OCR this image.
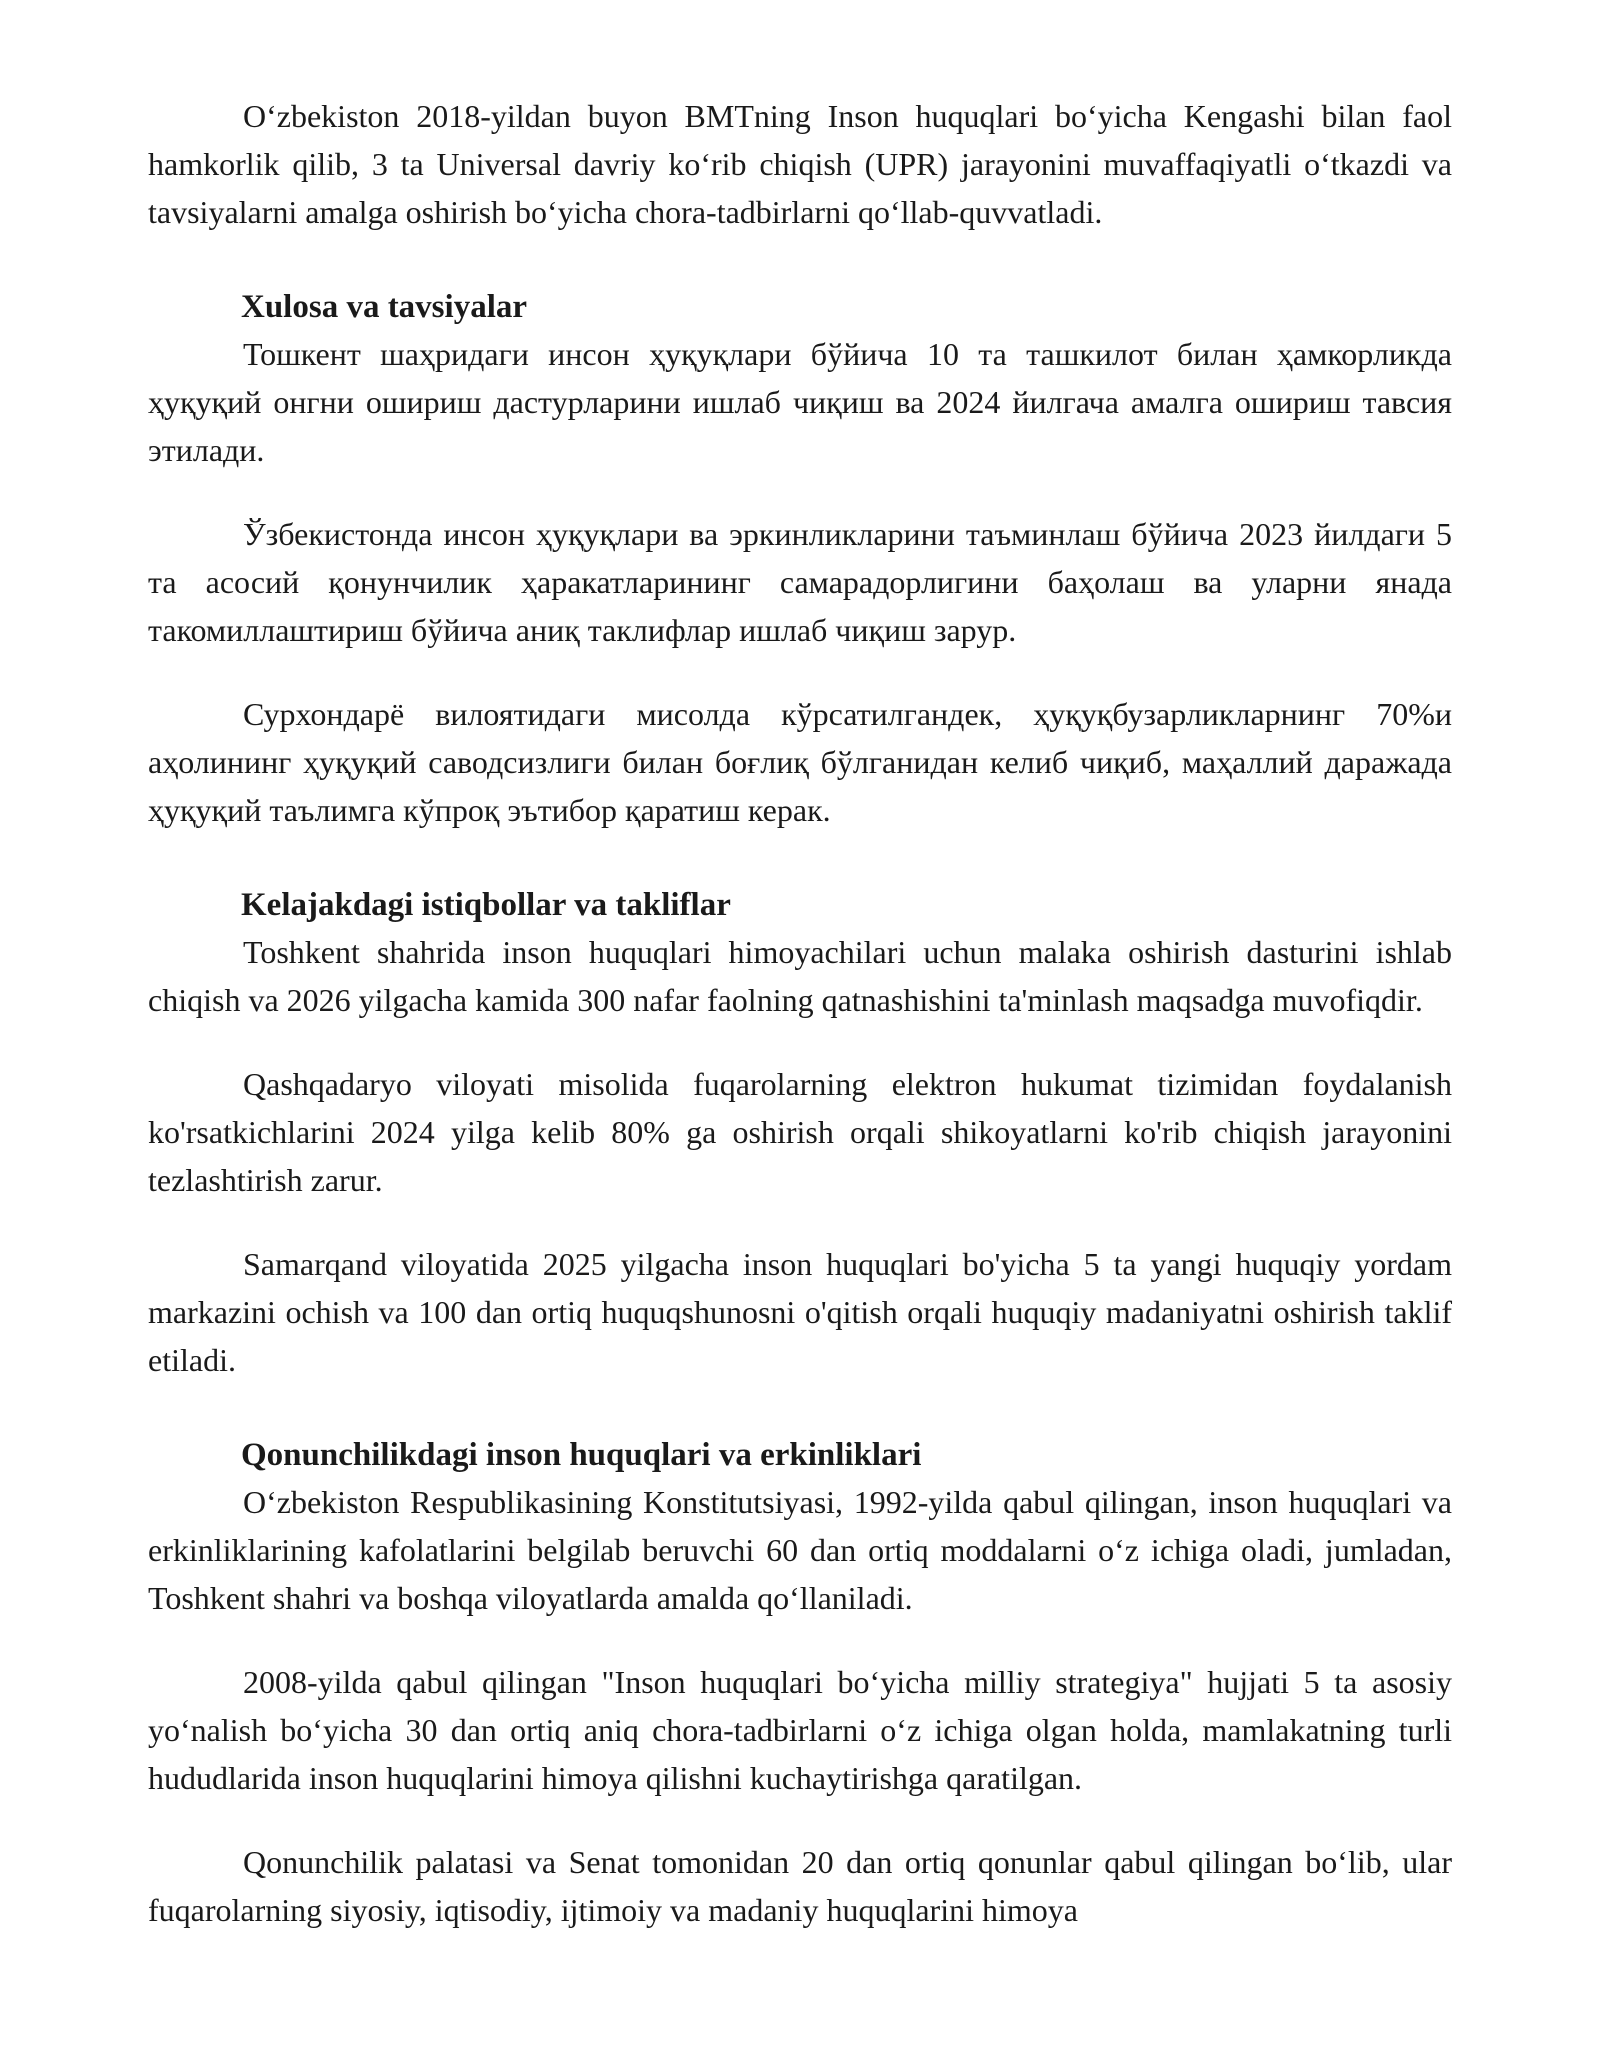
Oʻzbekiston 2018-yildan buyon BMTning Inson huquqlari boʻyicha Kengashi bilan faol hamkorlik qilib, 3 ta Universal davriy koʻrib chiqish (UPR) jarayonini muvaffaqiyatli oʻtkazdi va tavsiyalarni amalga oshirish boʻyicha chora-tadbirlarni qoʻllab-quvvatladi.

Xulosa va tavsiyalar

Тошкент шаҳридаги инсон ҳуқуқлари бўйича 10 та ташкилот билан ҳамкорликда ҳуқуқий онгни ошириш дастурларини ишлаб чиқиш ва 2024 йилгача амалга ошириш тавсия этилади.

Ўзбекистонда инсон ҳуқуқлари ва эркинликларини таъминлаш бўйича 2023 йилдаги 5 та асосий қонунчилик ҳаракатларининг самарадорлигини баҳолаш ва уларни янада такомиллаштириш бўйича аниқ таклифлар ишлаб чиқиш зарур.

Сурхондарё вилоятидаги мисолда кўрсатилгандек, ҳуқуқбузарликларнинг 70%и аҳолининг ҳуқуқий саводсизлиги билан боғлиқ бўлганидан келиб чиқиб, маҳаллий даражада ҳуқуқий таълимга кўпроқ эътибор қаратиш керак.

Kelajakdagi istiqbollar va takliflar

Toshkent shahrida inson huquqlari himoyachilari uchun malaka oshirish dasturini ishlab chiqish va 2026 yilgacha kamida 300 nafar faolning qatnashishini ta'minlash maqsadga muvofiqdir.

Qashqadaryo viloyati misolida fuqarolarning elektron hukumat tizimidan foydalanish ko'rsatkichlarini 2024 yilga kelib 80% ga oshirish orqali shikoyatlarni ko'rib chiqish jarayonini tezlashtirish zarur.

Samarqand viloyatida 2025 yilgacha inson huquqlari bo'yicha 5 ta yangi huquqiy yordam markazini ochish va 100 dan ortiq huquqshunosni o'qitish orqali huquqiy madaniyatni oshirish taklif etiladi.

Qonunchilikdagi inson huquqlari va erkinliklari

Oʻzbekiston Respublikasining Konstitutsiyasi, 1992-yilda qabul qilingan, inson huquqlari va erkinliklarining kafolatlarini belgilab beruvchi 60 dan ortiq moddalarni oʻz ichiga oladi, jumladan, Toshkent shahri va boshqa viloyatlarda amalda qoʻllaniladi.

2008-yilda qabul qilingan "Inson huquqlari boʻyicha milliy strategiya" hujjati 5 ta asosiy yoʻnalish boʻyicha 30 dan ortiq aniq chora-tadbirlarni oʻz ichiga olgan holda, mamlakatning turli hududlarida inson huquqlarini himoya qilishni kuchaytirishga qaratilgan.

Qonunchilik palatasi va Senat tomonidan 20 dan ortiq qonunlar qabul qilingan boʻlib, ular fuqarolarning siyosiy, iqtisodiy, ijtimoiy va madaniy huquqlarini himoya
